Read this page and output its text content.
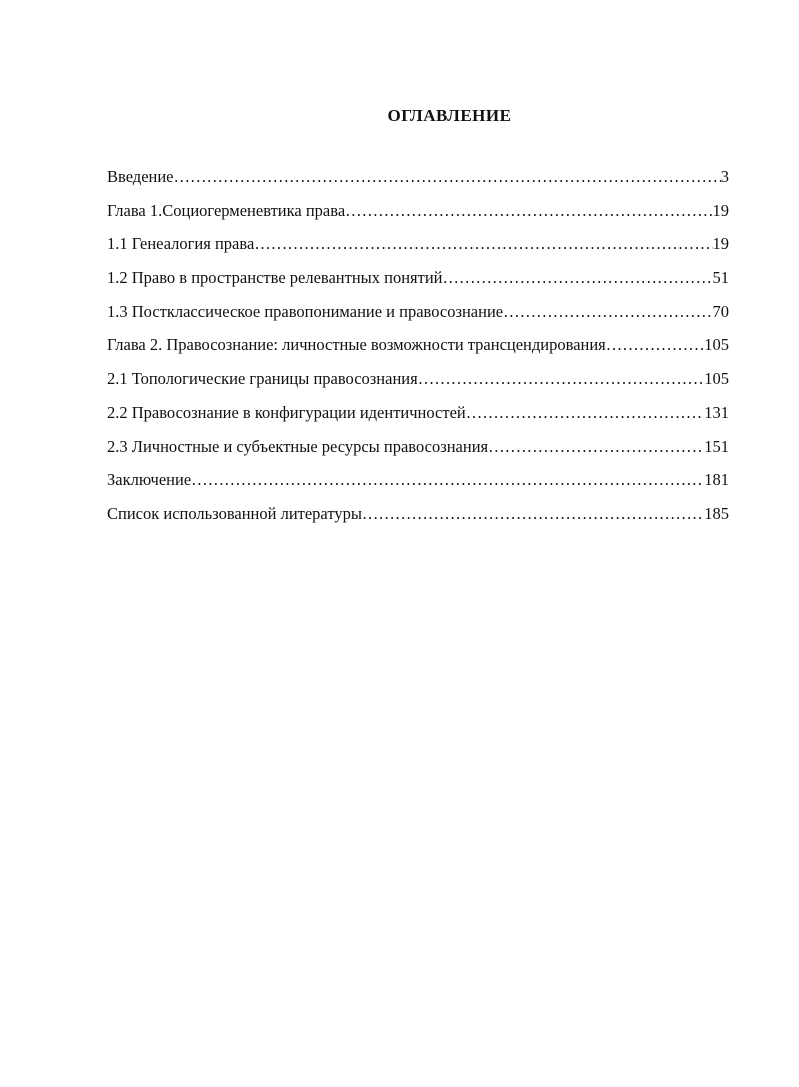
ОГЛАВЛЕНИЕ
Введение ……………………………………………………………………………………………………………………………………………	3
Глава 1.Социогерменевтика права ……………………………………………………………………………………………………………………………………………	19
1.1 Генеалогия права ……………………………………………………………………………………………………………………………………………	19
1.2 Право в пространстве релевантных понятий ……………………………………………………………………………………………………………………………………………	51
1.3 Постклассическое правопонимание и правосознание ……………………………………………………………………………………………………………………………………………	70
Глава 2. Правосознание: личностные возможности трансцендирования ……………………………………………………………………………………………………………………………………………	105
2.1 Топологические границы правосознания ……………………………………………………………………………………………………………………………………………	105
2.2 Правосознание в конфигурации идентичностей ……………………………………………………………………………………………………………………………………………	131
2.3 Личностные и субъектные ресурсы правосознания ……………………………………………………………………………………………………………………………………………	151
Заключение ……………………………………………………………………………………………………………………………………………	181
Список использованной литературы ……………………………………………………………………………………………………………………………………………	185
